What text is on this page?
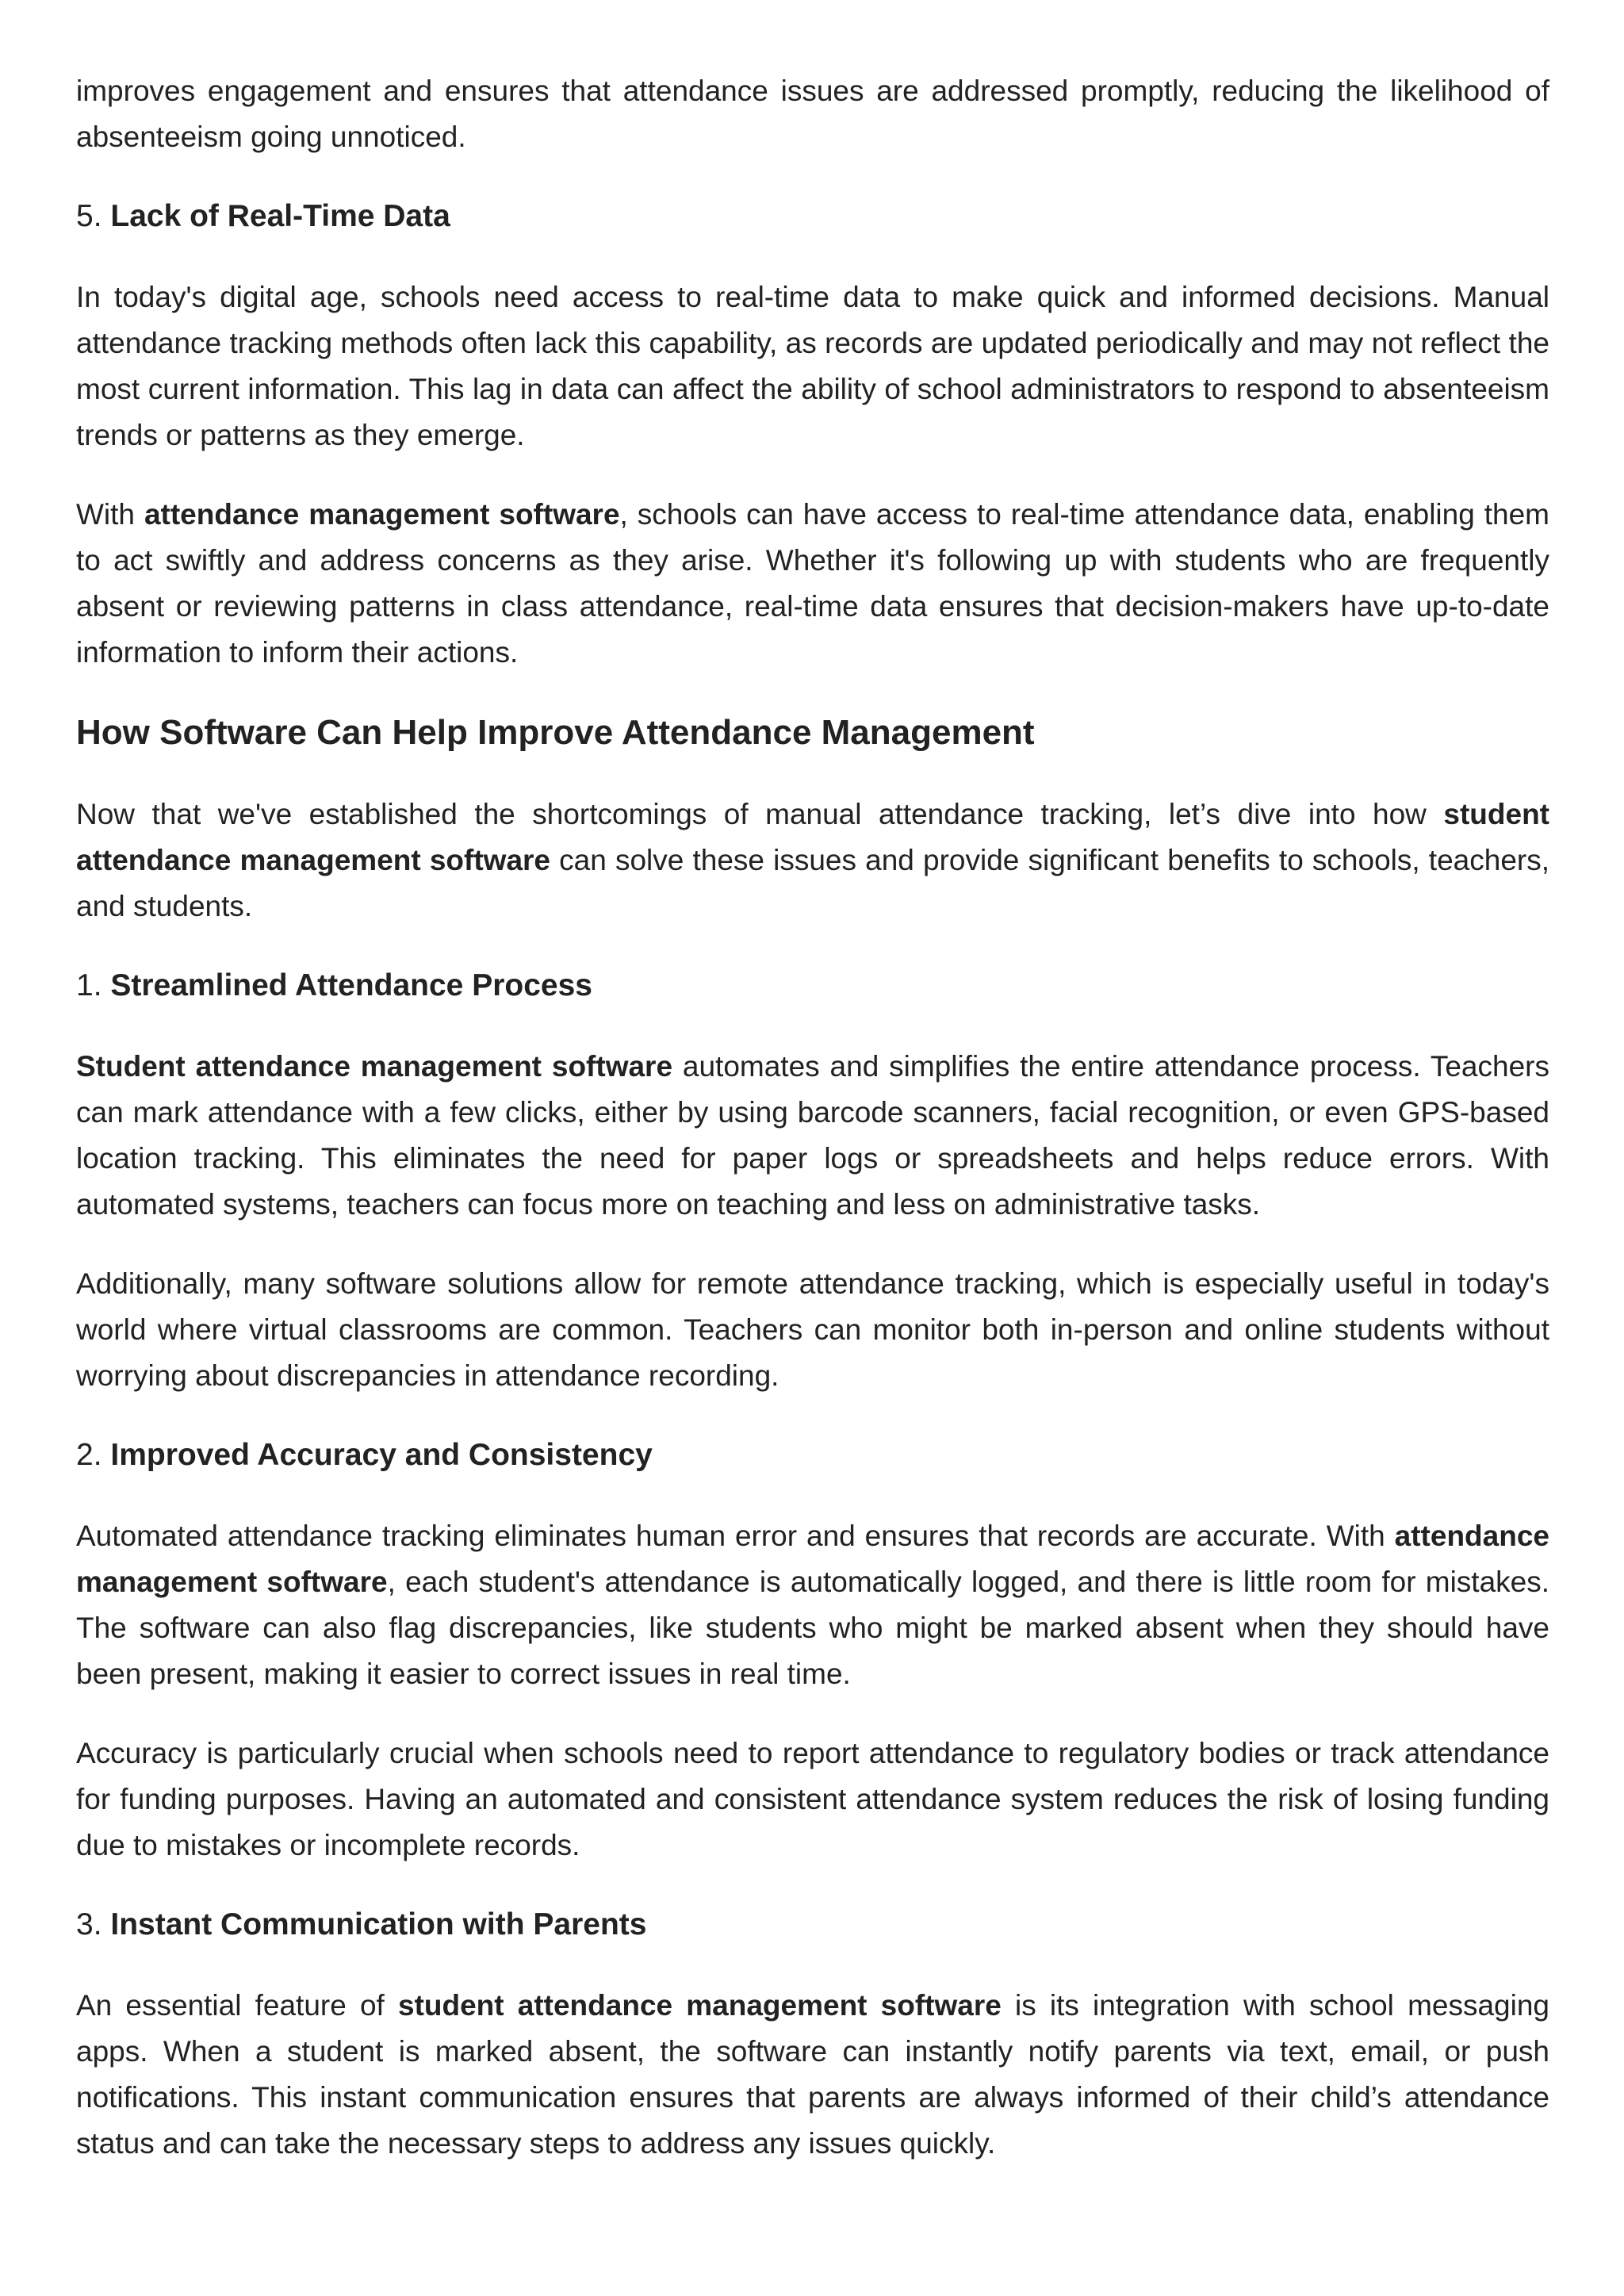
improves engagement and ensures that attendance issues are addressed promptly, reducing the likelihood of absenteeism going unnoticed.

5. Lack of Real-Time Data

In today's digital age, schools need access to real-time data to make quick and informed decisions. Manual attendance tracking methods often lack this capability, as records are updated periodically and may not reflect the most current information. This lag in data can affect the ability of school administrators to respond to absenteeism trends or patterns as they emerge.

With attendance management software, schools can have access to real-time attendance data, enabling them to act swiftly and address concerns as they arise. Whether it's following up with students who are frequently absent or reviewing patterns in class attendance, real-time data ensures that decision-makers have up-to-date information to inform their actions.

How Software Can Help Improve Attendance Management

Now that we've established the shortcomings of manual attendance tracking, let’s dive into how student attendance management software can solve these issues and provide significant benefits to schools, teachers, and students.

1. Streamlined Attendance Process

Student attendance management software automates and simplifies the entire attendance process. Teachers can mark attendance with a few clicks, either by using barcode scanners, facial recognition, or even GPS-based location tracking. This eliminates the need for paper logs or spreadsheets and helps reduce errors. With automated systems, teachers can focus more on teaching and less on administrative tasks.

Additionally, many software solutions allow for remote attendance tracking, which is especially useful in today's world where virtual classrooms are common. Teachers can monitor both in-person and online students without worrying about discrepancies in attendance recording.

2. Improved Accuracy and Consistency

Automated attendance tracking eliminates human error and ensures that records are accurate. With attendance management software, each student's attendance is automatically logged, and there is little room for mistakes. The software can also flag discrepancies, like students who might be marked absent when they should have been present, making it easier to correct issues in real time.

Accuracy is particularly crucial when schools need to report attendance to regulatory bodies or track attendance for funding purposes. Having an automated and consistent attendance system reduces the risk of losing funding due to mistakes or incomplete records.

3. Instant Communication with Parents

An essential feature of student attendance management software is its integration with school messaging apps. When a student is marked absent, the software can instantly notify parents via text, email, or push notifications. This instant communication ensures that parents are always informed of their child’s attendance status and can take the necessary steps to address any issues quickly.
